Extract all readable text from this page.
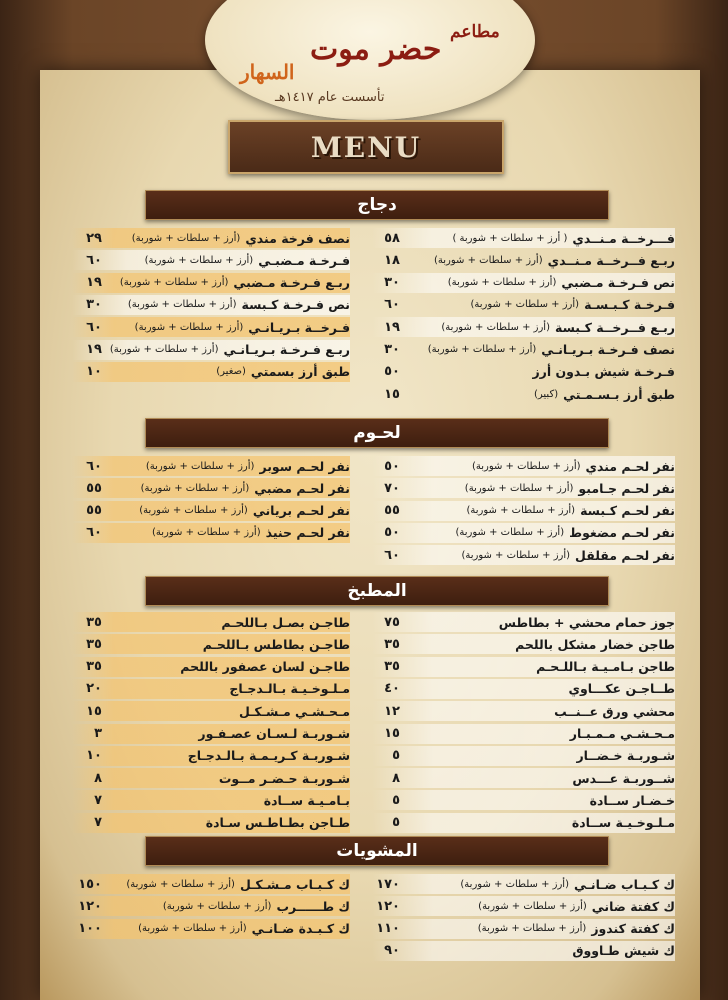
مطاعم
حضر موت
السهار
تأسست عام ١٤١٧هـ
MENU
دجاج
لحـوم
المطبخ
المشويات
فـــرخــة مـنــدي
( أرز + سلطات + شوربة )
٥٨
ربـع فــرخــة مـنــدي
(أرز + سلطات + شوربة)
١٨
نص فـرخـة مـضبي
(أرز + سلطات + شوربة)
٣٠
فـرخـة كـبـسـة
(أرز + سلطات + شوربة)
٦٠
ربـع فــرخــة كـبسة
(أرز + سلطات + شوربة)
١٩
نصف فـرخـة بـريـانـي
(أرز + سلطات + شوربة)
٣٠
فـرخـة شيش بـدون أرز
٥٠
طبق أرز بـسـمـتي
(كبير)
١٥
نصف فرخة مندي
(أرز + سلطات + شوربة)
٢٩
فـرخـة مـضبـي
(أرز + سلطات + شوربة)
٦٠
ربـع فـرخـة مـضبي
(أرز + سلطات + شوربة)
١٩
نص فـرخـة كـبسة
(أرز + سلطات + شوربة)
٣٠
فـرخــة بـريـانـي
(أرز + سلطات + شوربة)
٦٠
ربـع فـرخـة بـريـانـي
(أرز + سلطات + شوربة)
١٩
طبق أرز بسمتي
(صغير)
١٠
نفر لحـم مندي
(أرز + سلطات + شوربة)
٥٠
نفر لحـم جـامبو
(أرز + سلطات + شوربة)
٧٠
نفر لحـم كـبسة
(أرز + سلطات + شوربة)
٥٥
نفر لحـم مضغوط
(أرز + سلطات + شوربة)
٥٠
نفر لحـم مقلقل
(أرز + سلطات + شوربة)
٦٠
نفر لحـم سوبر
(أرز + سلطات + شوربة)
٦٠
نفر لحـم مضبي
(أرز + سلطات + شوربة)
٥٥
نفر لحـم برياني
(أرز + سلطات + شوربة)
٥٥
نفر لحـم حنيذ
(أرز + سلطات + شوربة)
٦٠
جوز حمام محشي + بطاطس
٧٥
طاجن خضار مشكل باللحم
٣٥
طاجن بـامـيـة بـاللـحـم
٣٥
طــاجـن عكـــاوي
٤٠
محشي ورق عــنــب
١٢
مـحـشـي مـمـبـار
١٥
شـوربـة خـضــار
٥
شــوربـة عـــدس
٨
خـضـار ســادة
٥
مـلـوخـيـة ســادة
٥
طاجـن بصـل بـاللحـم
٣٥
طاجـن بطاطس بـاللحـم
٣٥
طاجـن لسان عصفور باللحم
٣٥
مـلـوخـيـة بـالـدجـاج
٢٠
مـحـشـي مـشـكـل
١٥
شـوربـة لـسـان عصـفـور
٣
شـوربـة كـريـمـة بـالـدجـاج
١٠
شـوربـة حـضـر مــوت
٨
بـامـيـة ســادة
٧
طـاجن بطـاطـس سـادة
٧
ك كـبـاب ضـانـي
(أرز + سلطات + شوربة)
١٧٠
ك كفتة ضاني
(أرز + سلطات + شوربة)
١٢٠
ك كفتة كندوز
(أرز + سلطات + شوربة)
١١٠
ك شيش طـاووق
٩٠
ك كـبـاب مـشـكـل
(أرز + سلطات + شوربة)
١٥٠
ك طــــــرب
(أرز + سلطات + شوربة)
١٢٠
ك كـبـدة ضـانـي
(أرز + سلطات + شوربة)
١٠٠
